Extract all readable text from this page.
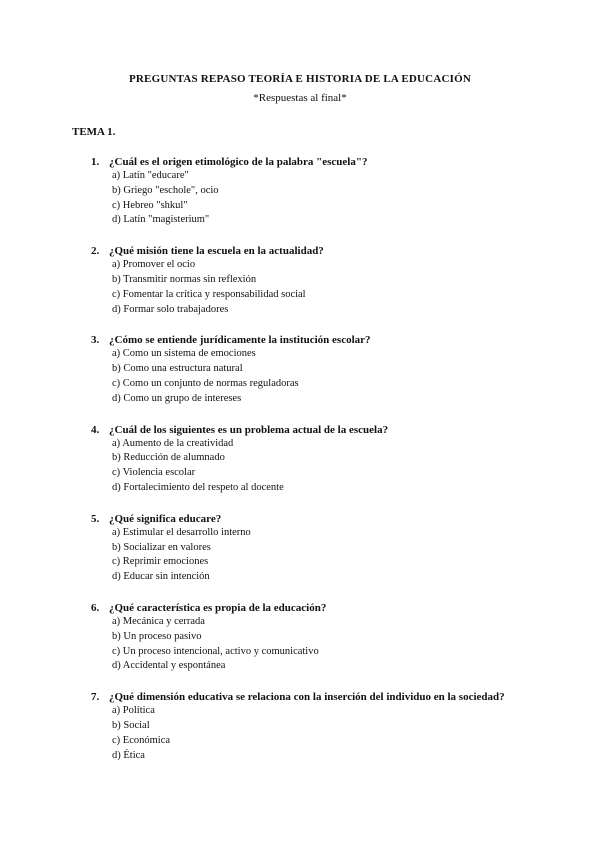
PREGUNTAS REPASO TEORÍA E HISTORIA DE LA EDUCACIÓN
*Respuestas al final*
TEMA 1.
1. ¿Cuál es el origen etimológico de la palabra "escuela"?
a) Latín "educare"
b) Griego "eschole", ocio
c) Hebreo "shkul"
d) Latín "magisterium"
2. ¿Qué misión tiene la escuela en la actualidad?
a) Promover el ocio
b) Transmitir normas sin reflexión
c) Fomentar la crítica y responsabilidad social
d) Formar solo trabajadores
3. ¿Cómo se entiende jurídicamente la institución escolar?
a) Como un sistema de emociones
b) Como una estructura natural
c) Como un conjunto de normas reguladoras
d) Como un grupo de intereses
4. ¿Cuál de los siguientes es un problema actual de la escuela?
a) Aumento de la creatividad
b) Reducción de alumnado
c) Violencia escolar
d) Fortalecimiento del respeto al docente
5. ¿Qué significa educare?
a) Estimular el desarrollo interno
b) Socializar en valores
c) Reprimir emociones
d) Educar sin intención
6. ¿Qué característica es propia de la educación?
a) Mecánica y cerrada
b) Un proceso pasivo
c) Un proceso intencional, activo y comunicativo
d) Accidental y espontánea
7. ¿Qué dimensión educativa se relaciona con la inserción del individuo en la sociedad?
a) Política
b) Social
c) Económica
d) Ética
